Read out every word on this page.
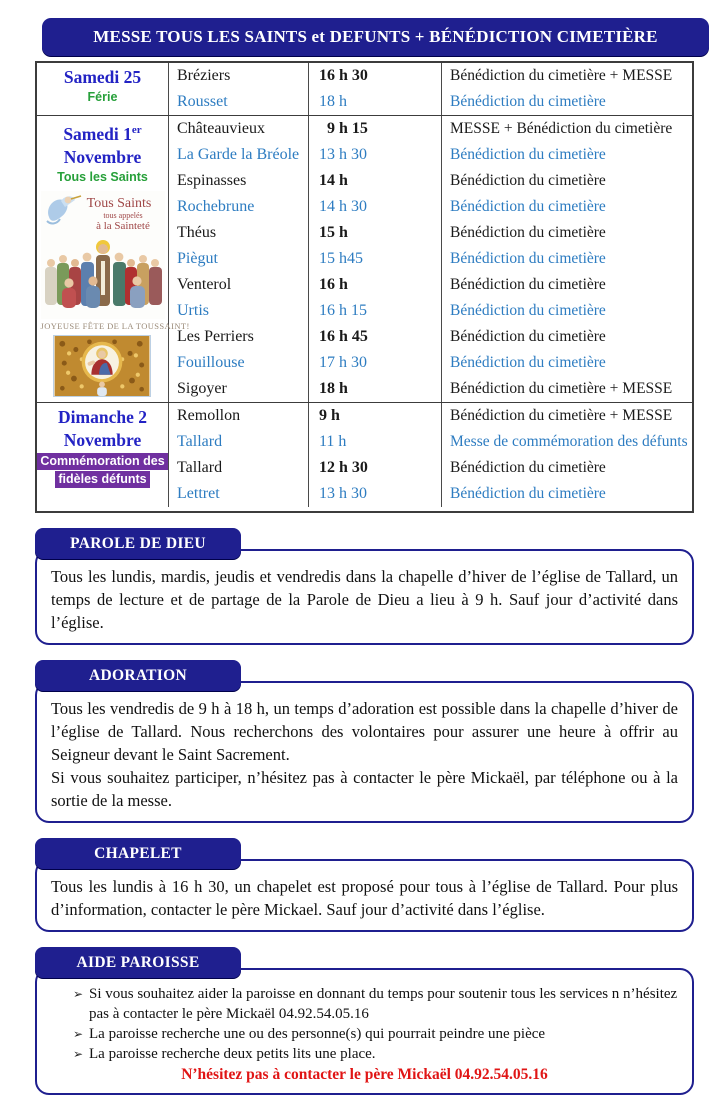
MESSE TOUS LES SAINTS et DEFUNTS + BÉNÉDICTION CIMETIÈRE
Samedi 25
Férie
Bréziers
Rousset
16 h 30
18 h
Bénédiction du cimetière + MESSE
Bénédiction du cimetière
Samedi 1er
Novembre
Tous les Saints
Tous Saints
tous appelés
à la Sainteté
JOYEUSE FÊTE DE LA TOUSSAINT!
Châteauvieux
La Garde la Bréole
Espinasses
Rochebrune
Théus
Piègut
Venterol
Urtis
Les Perriers
Fouillouse
Sigoyer
9 h 15
13 h 30
14 h
14 h 30
15 h
15 h45
16 h
16 h 15
16 h 45
17 h 30
18 h
MESSE + Bénédiction du cimetière
Bénédiction du cimetière
Bénédiction du cimetière
Bénédiction du cimetière
Bénédiction du cimetière
Bénédiction du cimetière
Bénédiction du cimetière
Bénédiction du cimetière
Bénédiction du cimetière
Bénédiction du cimetière
Bénédiction du cimetière + MESSE
Dimanche 2
Novembre
Commémoration des
fidèles défunts
Remollon
Tallard
Tallard
Lettret
9 h
11 h
12 h 30
13 h 30
Bénédiction du cimetière + MESSE
Messe de commémoration des défunts
Bénédiction du cimetière
Bénédiction du cimetière
PAROLE DE DIEU

Tous les lundis, mardis, jeudis et vendredis dans la chapelle d’hiver de l’église de Tallard, un temps de lecture et de partage de la Parole de Dieu a lieu à 9 h. Sauf jour d’activité dans l’église.

ADORATION

Tous les vendredis de 9 h à 18 h, un temps d’adoration est possible dans la chapelle d’hiver de l’église de Tallard. Nous recherchons des volontaires pour assurer une heure à offrir au Seigneur devant le Saint Sacrement.

Si vous souhaitez participer, n’hésitez pas à contacter le père Mickaël, par téléphone ou à la sortie de la messe.

CHAPELET

Tous les lundis à 16 h 30, un chapelet est proposé pour tous à l’église de Tallard. Pour plus d’information, contacter le père Mickael. Sauf jour d’activité dans l’église.

AIDE PAROISSE
➢ Si vous souhaitez aider la paroisse en donnant du temps pour soutenir tous les services n n’hésitez pas à contacter le père Mickaël 04.92.54.05.16
➢ La paroisse recherche une ou des personne(s) qui pourrait peindre une pièce
➢ La paroisse recherche deux petits lits une place.
N’hésitez pas à contacter le père Mickaël 04.92.54.05.16
